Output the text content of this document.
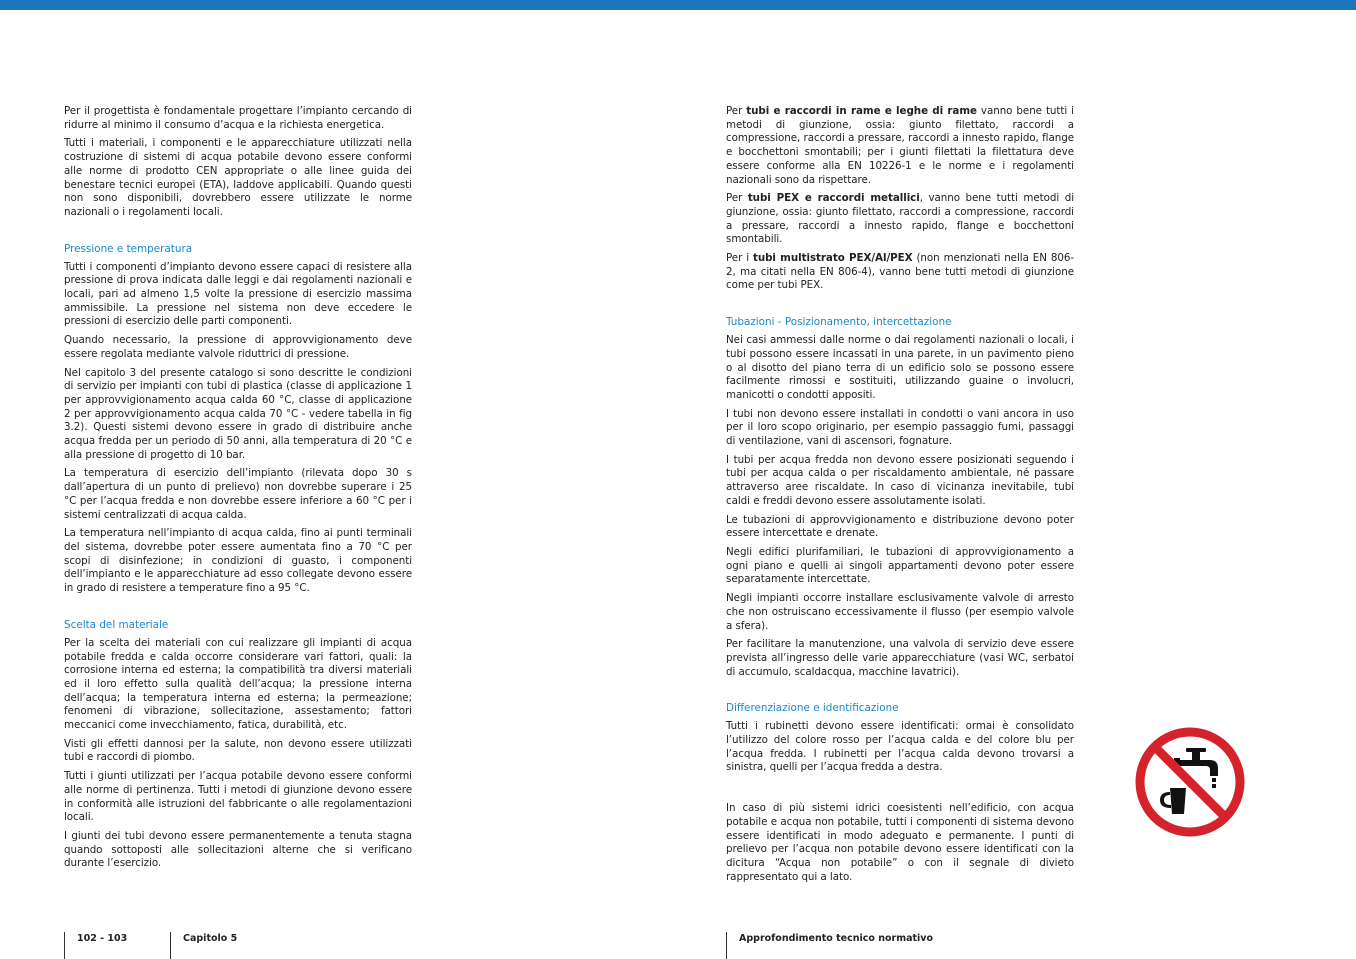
Per il progettista è fondamentale progettare l’impianto cercando di ridurre al minimo il consumo d’acqua e la richiesta energetica.

Tutti i materiali, i componenti e le apparecchiature utilizzati nella costruzione di sistemi di acqua potabile devono essere conformi alle norme di prodotto CEN appropriate o alle linee guida dei benestare tecnici europei (ETA), laddove applicabili. Quando questi non sono disponibili, dovrebbero essere utilizzate le norme nazionali o i regolamenti locali.

Pressione e temperatura

Tutti i componenti d’impianto devono essere capaci di resistere alla pressione di prova indicata dalle leggi e dai regolamenti nazionali e locali, pari ad almeno 1,5 volte la pressione di esercizio massima ammissibile. La pressione nel sistema non deve eccedere le pressioni di esercizio delle parti componenti.

Quando necessario, la pressione di approvvigionamento deve essere regolata mediante valvole riduttrici di pressione.

Nel capitolo 3 del presente catalogo si sono descritte le condizioni di servizio per impianti con tubi di plastica (classe di applicazione 1 per approvvigionamento acqua calda 60 °C, classe di applicazione 2 per approvvigionamento acqua calda 70 °C - vedere tabella in fig 3.2). Questi sistemi devono essere in grado di distribuire anche acqua fredda per un periodo di 50 anni, alla temperatura di 20 °C e alla pressione di progetto di 10 bar.

La temperatura di esercizio dell’impianto (rilevata dopo 30 s dall’apertura di un punto di prelievo) non dovrebbe superare i 25 °C per l’acqua fredda e non dovrebbe essere inferiore a 60 °C per i sistemi centralizzati di acqua calda.

La temperatura nell’impianto di acqua calda, fino ai punti terminali del sistema, dovrebbe poter essere aumentata fino a 70 °C per scopi di disinfezione; in condizioni di guasto, i componenti dell’impianto e le apparecchiature ad esso collegate devono essere in grado di resistere a temperature fino a 95 °C.

Scelta del materiale

Per la scelta dei materiali con cui realizzare gli impianti di acqua potabile fredda e calda occorre considerare vari fattori, quali: la corrosione interna ed esterna; la compatibilità tra diversi materiali ed il loro effetto sulla qualità dell’acqua; la pressione interna dell’acqua; la temperatura interna ed esterna; la permeazione; fenomeni di vibrazione, sollecitazione, assestamento; fattori meccanici come invecchiamento, fatica, durabilità, etc.

Visti gli effetti dannosi per la salute, non devono essere utilizzati tubi e raccordi di piombo.

Tutti i giunti utilizzati per l’acqua potabile devono essere conformi alle norme di pertinenza. Tutti i metodi di giunzione devono essere in conformità alle istruzioni del fabbricante o alle regolamentazioni locali.

I giunti dei tubi devono essere permanentemente a tenuta stagna quando sottoposti alle sollecitazioni alterne che si verificano durante l’esercizio.

Per tubi e raccordi in rame e leghe di rame vanno bene tutti i metodi di giunzione, ossia: giunto filettato, raccordi a compressione, raccordi a pressare, raccordi a innesto rapido, flange e bocchettoni smontabili; per i giunti filettati la filettatura deve essere conforme alla EN 10226-1 e le norme e i regolamenti nazionali sono da rispettare.

Per tubi PEX e raccordi metallici, vanno bene tutti metodi di giunzione, ossia: giunto filettato, raccordi a compressione, raccordi a pressare, raccordi a innesto rapido, flange e bocchettoni smontabili.

Per i tubi multistrato PEX/Al/PEX (non menzionati nella EN 806-2, ma citati nella EN 806-4), vanno bene tutti metodi di giunzione come per tubi PEX.

Tubazioni - Posizionamento, intercettazione

Nei casi ammessi dalle norme o dai regolamenti nazionali o locali, i tubi possono essere incassati in una parete, in un pavimento pieno o al disotto del piano terra di un edificio solo se possono essere facilmente rimossi e sostituiti, utilizzando guaine o involucri, manicotti o condotti appositi.

I tubi non devono essere installati in condotti o vani ancora in uso per il loro scopo originario, per esempio passaggio fumi, passaggi di ventilazione, vani di ascensori, fognature.

I tubi per acqua fredda non devono essere posizionati seguendo i tubi per acqua calda o per riscaldamento ambientale, né passare attraverso aree riscaldate. In caso di vicinanza inevitabile, tubi caldi e freddi devono essere assolutamente isolati.

Le tubazioni di approvvigionamento e distribuzione devono poter essere intercettate e drenate.

Negli edifici plurifamiliari, le tubazioni di approvvigionamento a ogni piano e quelli ai singoli appartamenti devono poter essere separatamente intercettate.

Negli impianti occorre installare esclusivamente valvole di arresto che non ostruiscano eccessivamente il flusso (per esempio valvole a sfera).

Per facilitare la manutenzione, una valvola di servizio deve essere prevista all’ingresso delle varie apparecchiature (vasi WC, serbatoi di accumulo, scaldacqua, macchine lavatrici).

Differenziazione e identificazione

Tutti i rubinetti devono essere identificati: ormai è consolidato l’utilizzo del colore rosso per l’acqua calda e del colore blu per l’acqua fredda. I rubinetti per l’acqua calda devono trovarsi a sinistra, quelli per l’acqua fredda a destra.

In caso di più sistemi idrici coesistenti nell’edificio, con acqua potabile e acqua non potabile, tutti i componenti di sistema devono essere identificati in modo adeguato e permanente. I punti di prelievo per l’acqua non potabile devono essere identificati con la dicitura “Acqua non potabile” o con il segnale di divieto rappresentato qui a lato.

102 - 103	Capitolo 5	Approfondimento tecnico normativo
